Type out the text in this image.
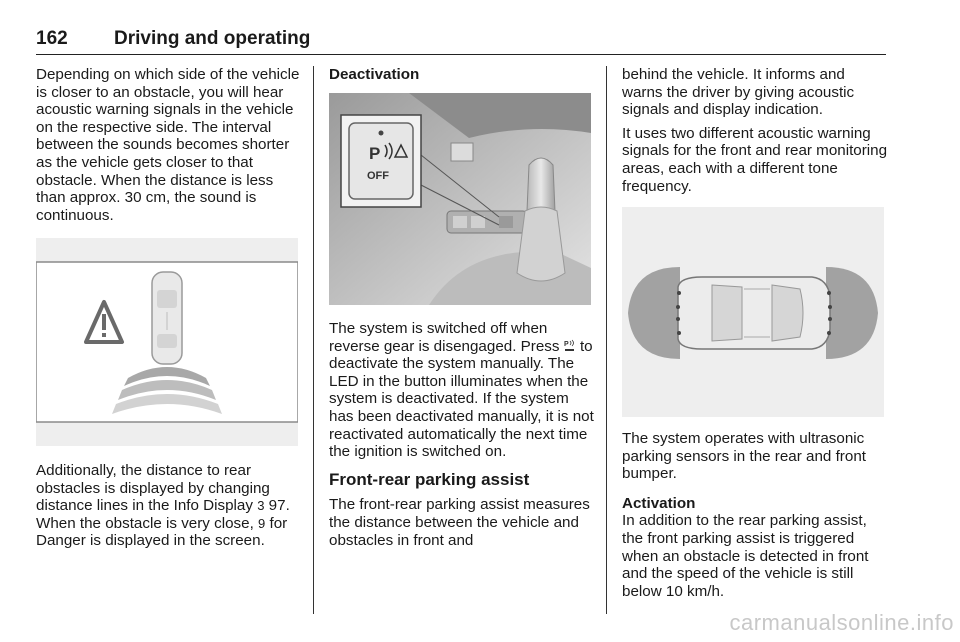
162 Driving and operating

Depending on which side of the vehicle is closer to an obstacle, you will hear acoustic warning signals in the vehicle on the respective side. The interval between the sounds becomes shorter as the vehicle gets closer to that obstacle. When the distance is less than approx. 30 cm, the sound is continuous.

Additionally, the distance to rear obstacles is displayed by changing distance lines in the Info Display 3 97. When the obstacle is very close, 9 for Danger is displayed in the screen.

Deactivation

P
OFF

The system is switched off when reverse gear is disengaged. Press P to deactivate the system manually. The LED in the button illuminates when the system is deactivated. If the system has been deactivated manually, it is not reactivated automatically the next time the ignition is switched on.

Front-rear parking assist

The front-rear parking assist measures the distance between the vehicle and obstacles in front and

behind the vehicle. It informs and warns the driver by giving acoustic signals and display indication.

It uses two different acoustic warning signals for the front and rear monitoring areas, each with a different tone frequency.

The system operates with ultrasonic parking sensors in the rear and front bumper.

Activation

In addition to the rear parking assist, the front parking assist is triggered when an obstacle is detected in front and the speed of the vehicle is still below 10 km/h.

carmanualsonline.info
